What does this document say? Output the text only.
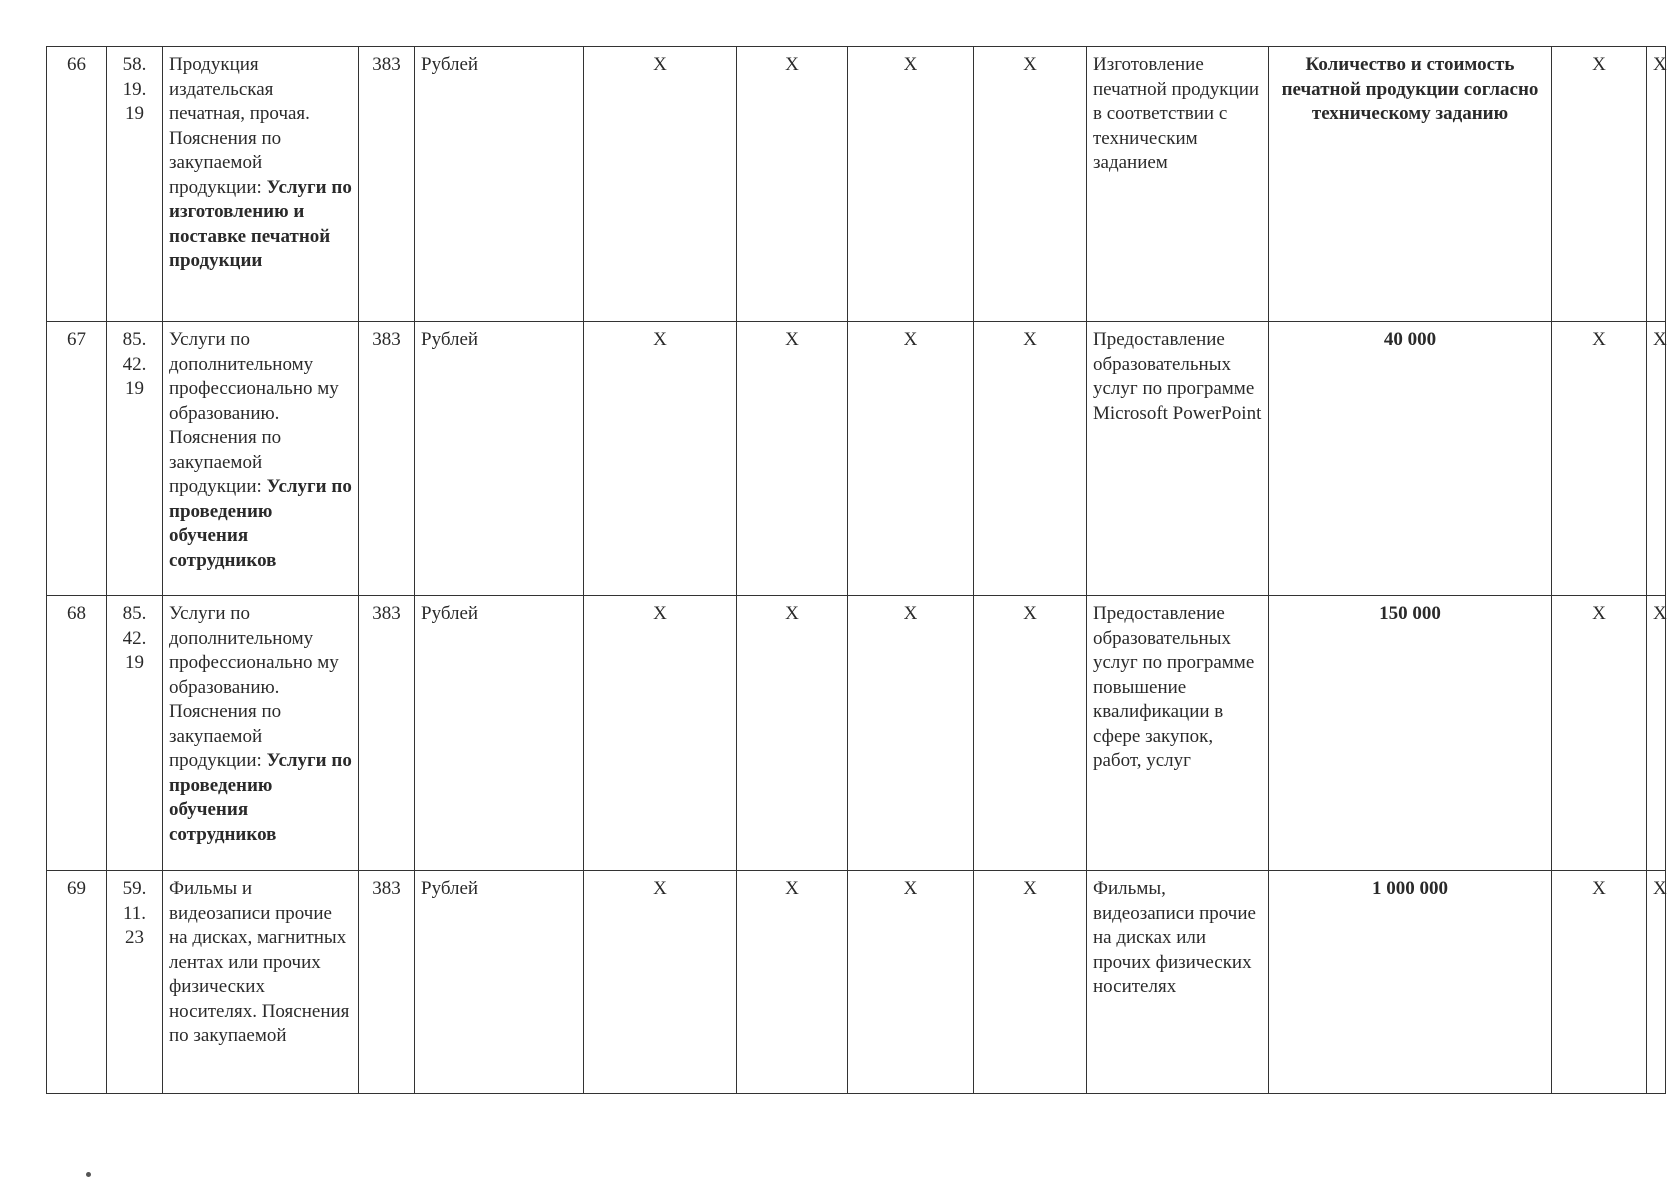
66	58.
19.
19	Продукция издательская печатная, прочая. Пояснения по закупаемой продукции: Услуги по изготовлению и поставке печатной продукции	383	Рублей	X	X	X	X	Изготовление печатной продукции в соответствии с техническим заданием	Количество и стоимость печатной продукции согласно техническому заданию	X	X
67	85.
42.
19	Услуги по дополнительному профессионально му образованию. Пояснения по закупаемой продукции: Услуги по проведению обучения сотрудников	383	Рублей	X	X	X	X	Предоставление образовательных услуг по программе Microsoft PowerPoint	40 000	X	X
68	85.
42.
19	Услуги по дополнительному профессионально му образованию. Пояснения по закупаемой продукции: Услуги по проведению обучения сотрудников	383	Рублей	X	X	X	X	Предоставление образовательных услуг по программе повышение квалификации в сфере закупок, работ, услуг	150 000	X	X
69	59.
11.
23	Фильмы и видеозаписи прочие на дисках, магнитных лентах или прочих физических носителях. Пояснения по закупаемой	383	Рублей	X	X	X	X	Фильмы, видеозаписи прочие на дисках или прочих физических носителях	1 000 000	X	X
